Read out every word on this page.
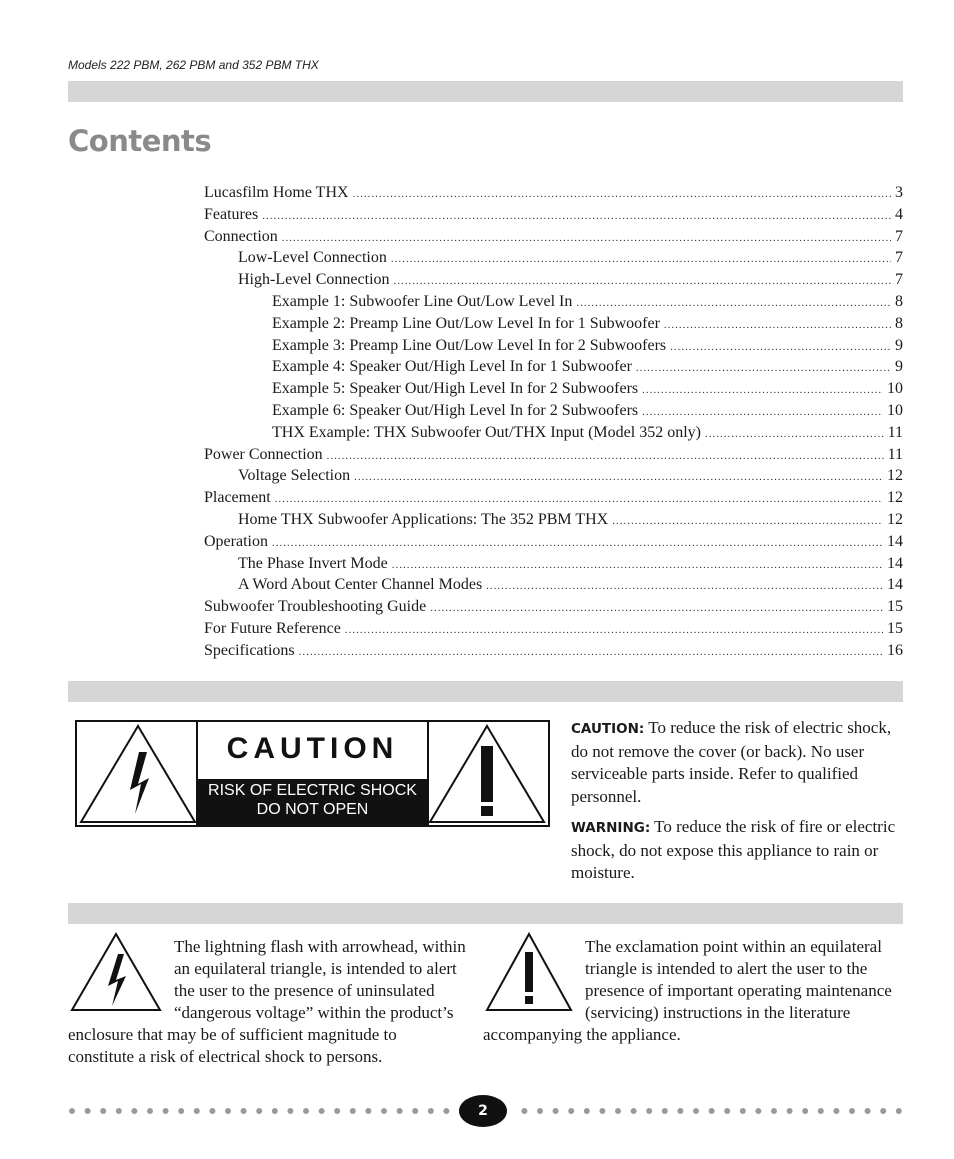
Models 222 PBM, 262 PBM and 352 PBM THX
Contents
Lucasfilm Home THX .....	3
Features .....	4
Connection .....	7
Low-Level Connection .....	7
High-Level Connection .....	7
Example 1: Subwoofer Line Out/Low Level In .....	8
Example 2: Preamp Line Out/Low Level In for 1 Subwoofer .....	8
Example 3: Preamp Line Out/Low Level In for 2 Subwoofers .....	9
Example 4: Speaker Out/High Level In for 1 Subwoofer .....	9
Example 5: Speaker Out/High Level In for 2 Subwoofers .....	10
Example 6: Speaker Out/High Level In for 2 Subwoofers .....	10
THX Example: THX Subwoofer Out/THX Input (Model 352 only) .....	11
Power Connection .....	11
Voltage Selection .....	12
Placement .....	12
Home THX Subwoofer Applications: The 352 PBM THX .....	12
Operation .....	14
The Phase Invert Mode .....	14
A Word About Center Channel Modes .....	14
Subwoofer Troubleshooting Guide .....	15
For Future Reference .....	15
Specifications .....	16
CAUTION
RISK OF ELECTRIC SHOCK
DO NOT OPEN

CAUTION: To reduce the risk of electric shock, do not remove the cover (or back). No user serviceable parts inside. Refer to qualified personnel.

WARNING: To reduce the risk of fire or electric shock, do not expose this appliance to rain or moisture.

The lightning flash with arrowhead, within an equilateral triangle, is intended to alert the user to the presence of uninsulated “dangerous voltage” within the product’s enclosure that may be of sufficient magnitude to constitute a risk of electrical shock to persons.
The exclamation point within an equilateral triangle is intended to alert the user to the presence of important operating maintenance (servicing) instructions in the literature accompanying the appliance.
2
